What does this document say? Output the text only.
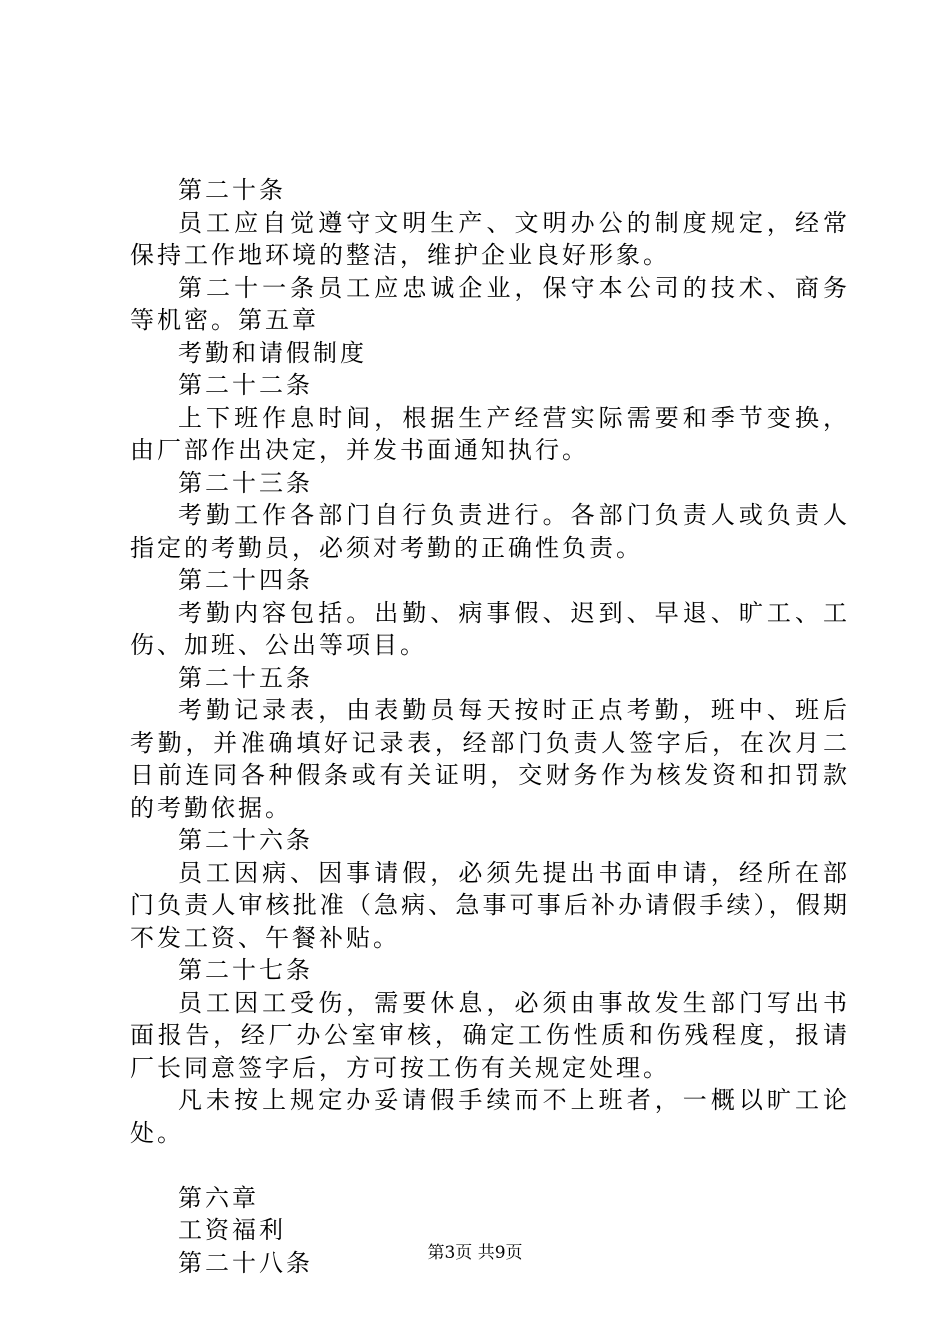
第二十条

员工应自觉遵守文明生产、文明办公的制度规定，经常保持工作地环境的整洁，维护企业良好形象。

第二十一条员工应忠诚企业，保守本公司的技术、商务等机密。第五章

考勤和请假制度

第二十二条

上下班作息时间，根据生产经营实际需要和季节变换，由厂部作出决定，并发书面通知执行。

第二十三条

考勤工作各部门自行负责进行。各部门负责人或负责人指定的考勤员，必须对考勤的正确性负责。

第二十四条

考勤内容包括。出勤、病事假、迟到、早退、旷工、工伤、加班、公出等项目。

第二十五条

考勤记录表，由表勤员每天按时正点考勤，班中、班后考勤，并准确填好记录表，经部门负责人签字后，在次月二日前连同各种假条或有关证明，交财务作为核发资和扣罚款的考勤依据。

第二十六条

员工因病、因事请假，必须先提出书面申请，经所在部门负责人审核批准（急病、急事可事后补办请假手续），假期不发工资、午餐补贴。

第二十七条

员工因工受伤，需要休息，必须由事故发生部门写出书面报告，经厂办公室审核，确定工伤性质和伤残程度，报请厂长同意签字后，方可按工伤有关规定处理。

凡未按上规定办妥请假手续而不上班者，一概以旷工论处。

第六章

工资福利

第二十八条	第3页 共9页
